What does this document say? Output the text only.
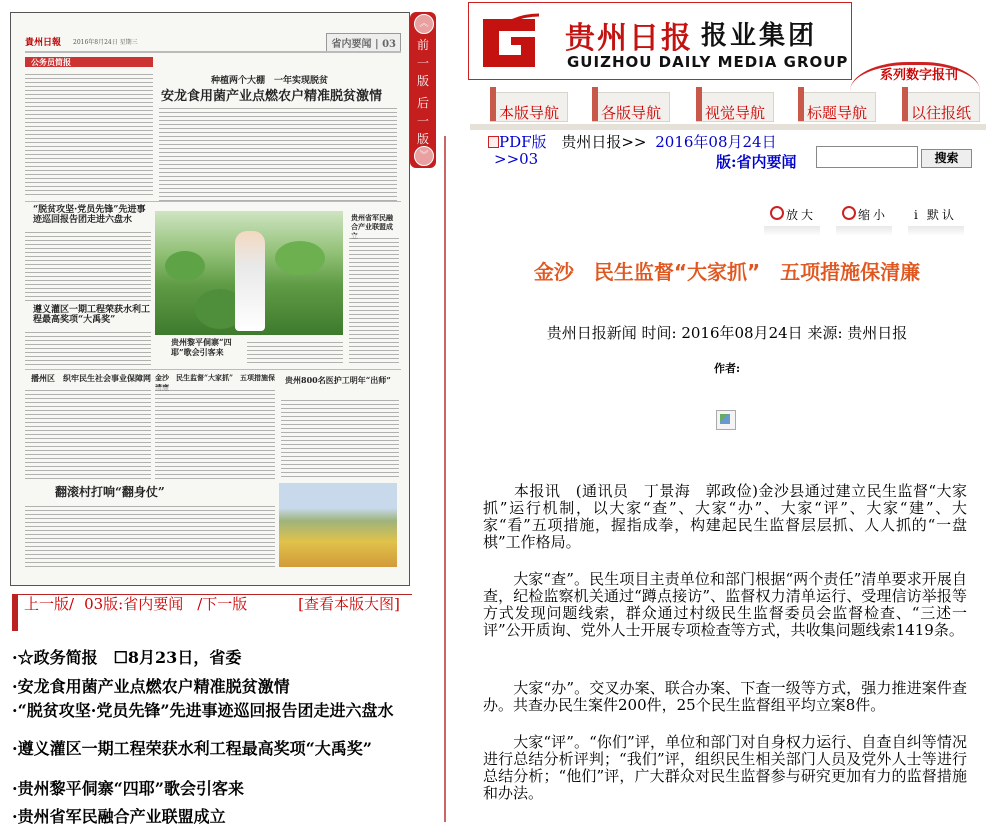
貴州日報 2016年8月24日 星期三	省内要闻 | 03
公务员简报
种植两个大棚　一年实现脱贫
安龙食用菌产业点燃农户精准脱贫激情
“脱贫攻坚·党员先锋”先进事迹巡回报告团走进六盘水
遵义灌区一期工程荣获水利工程最高奖项“大禹奖”
贵州黎平侗寨“四耶”歌会引客来
贵州省军民融合产业联盟成
播州区　织牢民生社会事业保障网 金沙　民生监督“大家抓”　五项措施保 贵州800名医护工明年“出师”
翻滚村打响“翻身仗”
︽
前一版
后一版
︾
上一版/ 03版:省内要闻 /下一版	[查看本版大图]
·☆政务简报　☐8月23日，省委
·安龙食用菌产业点燃农户精准脱贫激情
·“脱贫攻坚·党员先锋”先进事迹巡回报告团走进六盘水
·遵义灌区一期工程荣获水利工程最高奖项“大禹奖”
·贵州黎平侗寨“四耶”歌会引客来
·贵州省军民融合产业联盟成立
贵州日报 报业集团
GUIZHOU DAILY MEDIA GROUP
系列数字报刊
本版导航	各版导航	视觉导航	标题导航	以往报纸
PDF版 贵州日报>> 2016年08月24日 >>03	版:省内要闻	搜索
放大	缩小 i 默认
金沙　民生监督“大家抓”　五项措施保清廉
贵州日报新闻 时间: 2016年08月24日 来源: 贵州日报
作者:
　　本报讯　(通讯员　丁景海　郭政俭)金沙县通过建立民生监督“大家抓”运行机制，以大家“查”、大家“办”、大家“评”、大家“建”、大家“看”五项措施，握指成拳，构建起民生监督层层抓、人人抓的“一盘棋”工作格局。
　　大家“查”。民生项目主责单位和部门根据“两个责任”清单要求开展自查，纪检监察机关通过“蹲点接访”、监督权力清单运行、受理信访举报等方式发现问题线索，群众通过村级民生监督委员会监督检查、“三述一评”公开质询、党外人士开展专项检查等方式，共收集问题线索1419条。
　　大家“办”。交叉办案、联合办案、下查一级等方式，强力推进案件查办。共查办民生案件200件，25个民生监督组平均立案8件。
　　大家“评”。“你们”评，单位和部门对自身权力运行、自查自纠等情况进行总结分析评判；“我们”评，组织民生相关部门人员及党外人士等进行总结分析；“他们”评，广大群众对民生监督参与研究更加有力的监督措施和办法。
